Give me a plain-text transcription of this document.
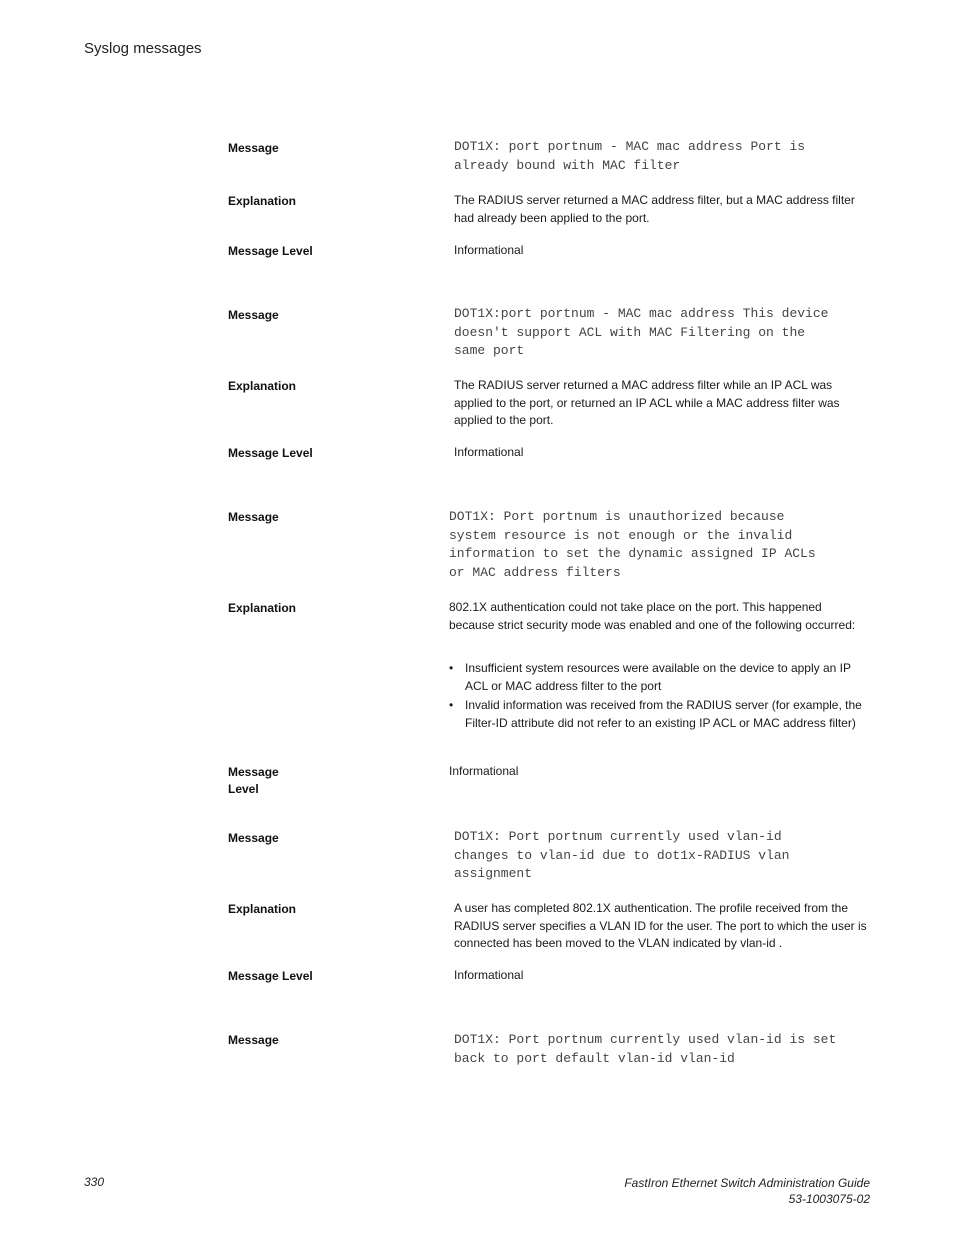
Syslog messages
Message	DOT1X: port portnum - MAC mac address Port is
already bound with MAC filter
Explanation	The RADIUS server returned a MAC address filter, but a MAC address filter had already been applied to the port.
Message Level	Informational
Message	DOT1X:port portnum - MAC mac address This device
doesn't support ACL with MAC Filtering on the
same port
Explanation	The RADIUS server returned a MAC address filter while an IP ACL was applied to the port, or returned an IP ACL while a MAC address filter was applied to the port.
Message Level	Informational
Message	DOT1X: Port portnum is unauthorized because
system resource is not enough or the invalid
information to set the dynamic assigned IP ACLs
or MAC address filters
Explanation	802.1X authentication could not take place on the port. This happened because strict security mode was enabled and one of the following occurred:
• Insufficient system resources were available on the device to apply an IP ACL or MAC address filter to the port
• Invalid information was received from the RADIUS server (for example, the Filter-ID attribute did not refer to an existing IP ACL or MAC address filter)
Message
Level
Informational
Message	DOT1X: Port portnum currently used vlan-id
changes to vlan-id due to dot1x-RADIUS vlan
assignment
Explanation	A user has completed 802.1X authentication. The profile received from the RADIUS server specifies a VLAN ID for the user. The port to which the user is connected has been moved to the VLAN indicated by vlan-id .
Message Level	Informational
Message	DOT1X: Port portnum currently used vlan-id is set
back to port default vlan-id vlan-id
330	FastIron Ethernet Switch Administration Guide
53-1003075-02
